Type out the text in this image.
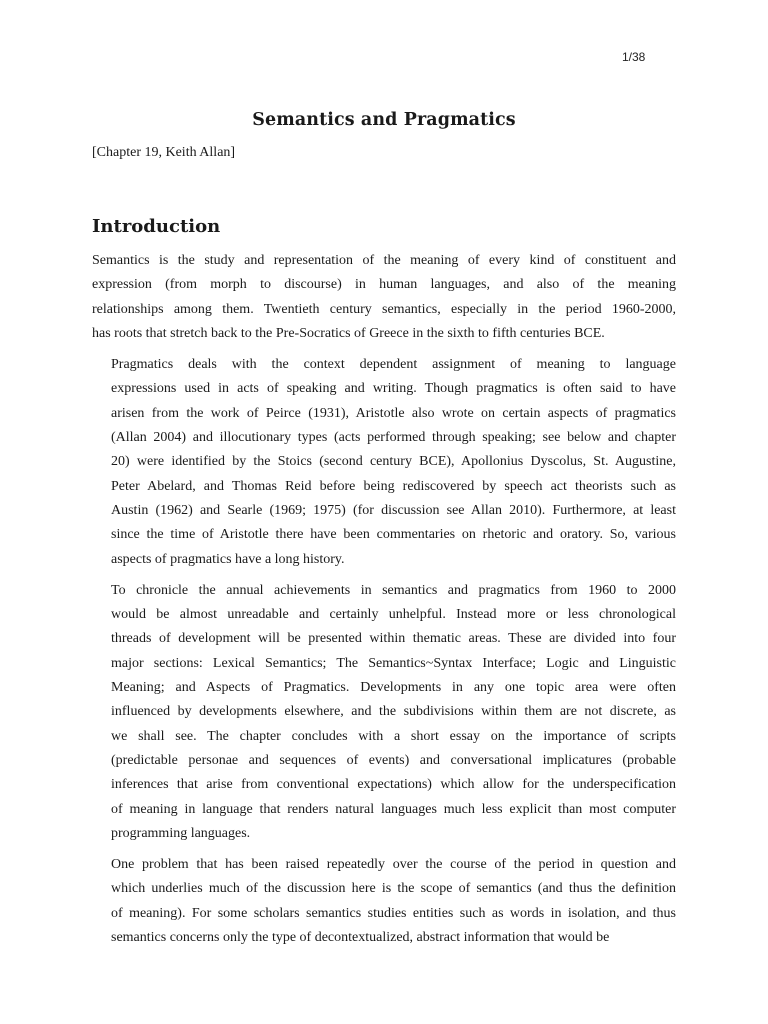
1/38
Semantics and Pragmatics
[Chapter 19, Keith Allan]
Introduction

Semantics is the study and representation of the meaning of every kind of constituent and
expression (from morph to discourse) in human languages, and also of the meaning
relationships among them. Twentieth century semantics, especially in the period 1960-2000,
has roots that stretch back to the Pre-Socratics of Greece in the sixth to fifth centuries BCE.

Pragmatics deals with the context dependent assignment of meaning to language
expressions used in acts of speaking and writing. Though pragmatics is often said to have
arisen from the work of Peirce (1931), Aristotle also wrote on certain aspects of pragmatics
(Allan 2004) and illocutionary types (acts performed through speaking; see below and chapter
20) were identified by the Stoics (second century BCE), Apollonius Dyscolus, St. Augustine,
Peter Abelard, and Thomas Reid before being rediscovered by speech act theorists such as
Austin (1962) and Searle (1969; 1975) (for discussion see Allan 2010). Furthermore, at least
since the time of Aristotle there have been commentaries on rhetoric and oratory. So, various
aspects of pragmatics have a long history.

To chronicle the annual achievements in semantics and pragmatics from 1960 to 2000
would be almost unreadable and certainly unhelpful. Instead more or less chronological
threads of development will be presented within thematic areas. These are divided into four
major sections: Lexical Semantics; The Semantics~Syntax Interface; Logic and Linguistic
Meaning; and Aspects of Pragmatics. Developments in any one topic area were often
influenced by developments elsewhere, and the subdivisions within them are not discrete, as
we shall see. The chapter concludes with a short essay on the importance of scripts
(predictable personae and sequences of events) and conversational implicatures (probable
inferences that arise from conventional expectations) which allow for the underspecification
of meaning in language that renders natural languages much less explicit than most computer
programming languages.

One problem that has been raised repeatedly over the course of the period in question and
which underlies much of the discussion here is the scope of semantics (and thus the definition
of meaning). For some scholars semantics studies entities such as words in isolation, and thus
semantics concerns only the type of decontextualized, abstract information that would be
